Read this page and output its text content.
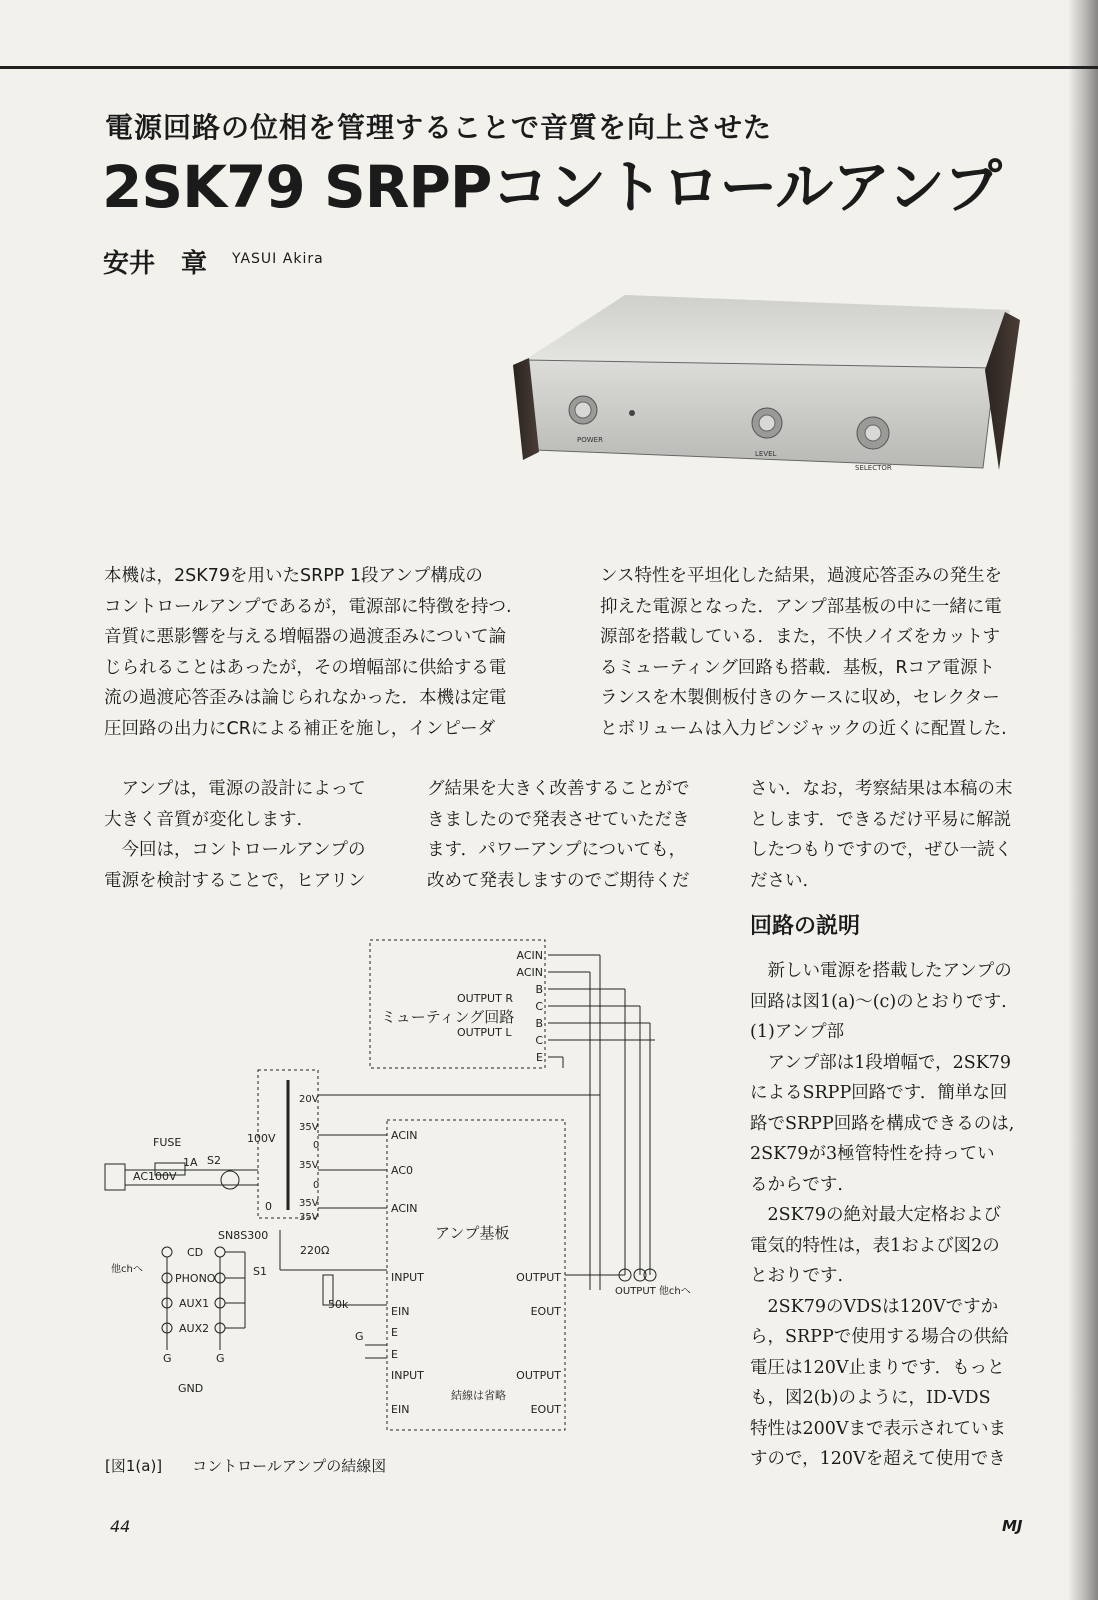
電源回路の位相を管理することで音質を向上させた
2SK79 SRPPコントロールアンプ
安井　章 YASUI Akira
POWER
LEVEL
SELECTOR
本機は，2SK79を用いたSRPP 1段アンプ構成の
コントロールアンプであるが，電源部に特徴を持つ.
音質に悪影響を与える増幅器の過渡歪みについて論
じられることはあったが，その増幅部に供給する電
流の過渡応答歪みは論じられなかった．本機は定電
圧回路の出力にCRによる補正を施し，インピーダ
ンス特性を平坦化した結果，過渡応答歪みの発生を
抑えた電源となった．アンプ部基板の中に一緒に電
源部を搭載している．また，不快ノイズをカットす
るミューティング回路も搭載．基板，Rコア電源ト
ランスを木製側板付きのケースに収め，セレクター
とボリュームは入力ピンジャックの近くに配置した.
　アンプは，電源の設計によって
大きく音質が変化します.
　今回は，コントロールアンプの
電源を検討することで，ヒアリン
グ結果を大きく改善することがで
きましたので発表させていただき
ます．パワーアンプについても，
改めて発表しますのでご期待くだ
さい．なお，考察結果は本稿の末
とします．できるだけ平易に解説
したつもりですので，ぜひ一読く
ださい.
回路の説明
　新しい電源を搭載したアンプの
回路は図1(a)～(c)のとおりです.
(1)アンプ部
　アンプ部は1段増幅で，2SK79
によるSRPP回路です．簡単な回
路でSRPP回路を構成できるのは,
2SK79が3極管特性を持ってい
るからです.
　2SK79の絶対最大定格および
電気的特性は，表1および図2の
とおりです.
　2SK79のVDSは120Vですか
ら，SRPPで使用する場合の供給
電圧は120V止まりです．もっと
も，図2(b)のように，ID-VDS
特性は200Vまで表示されていま
すので，120Vを超えて使用でき
ACIN
ACIN
B
C
B
C
E
OUTPUT R
ミューティング回路
OUTPUT L
20V
35V
0
35V
0
35V
35V
100V
0
FUSE
1A S2
AC100V
SN8S300
220Ω
50k
S1
CD
PHONO
AUX1
AUX2
他chへ
G	G
GND
G
ACIN
AC0
ACIN
INPUT
EIN
E
E
INPUT
EIN
OUTPUT
EOUT
OUTPUT
EOUT
アンプ基板
結線は省略
OUTPUT 他chへ
[図1(a)] コントロールアンプの結線図
44	MJ
